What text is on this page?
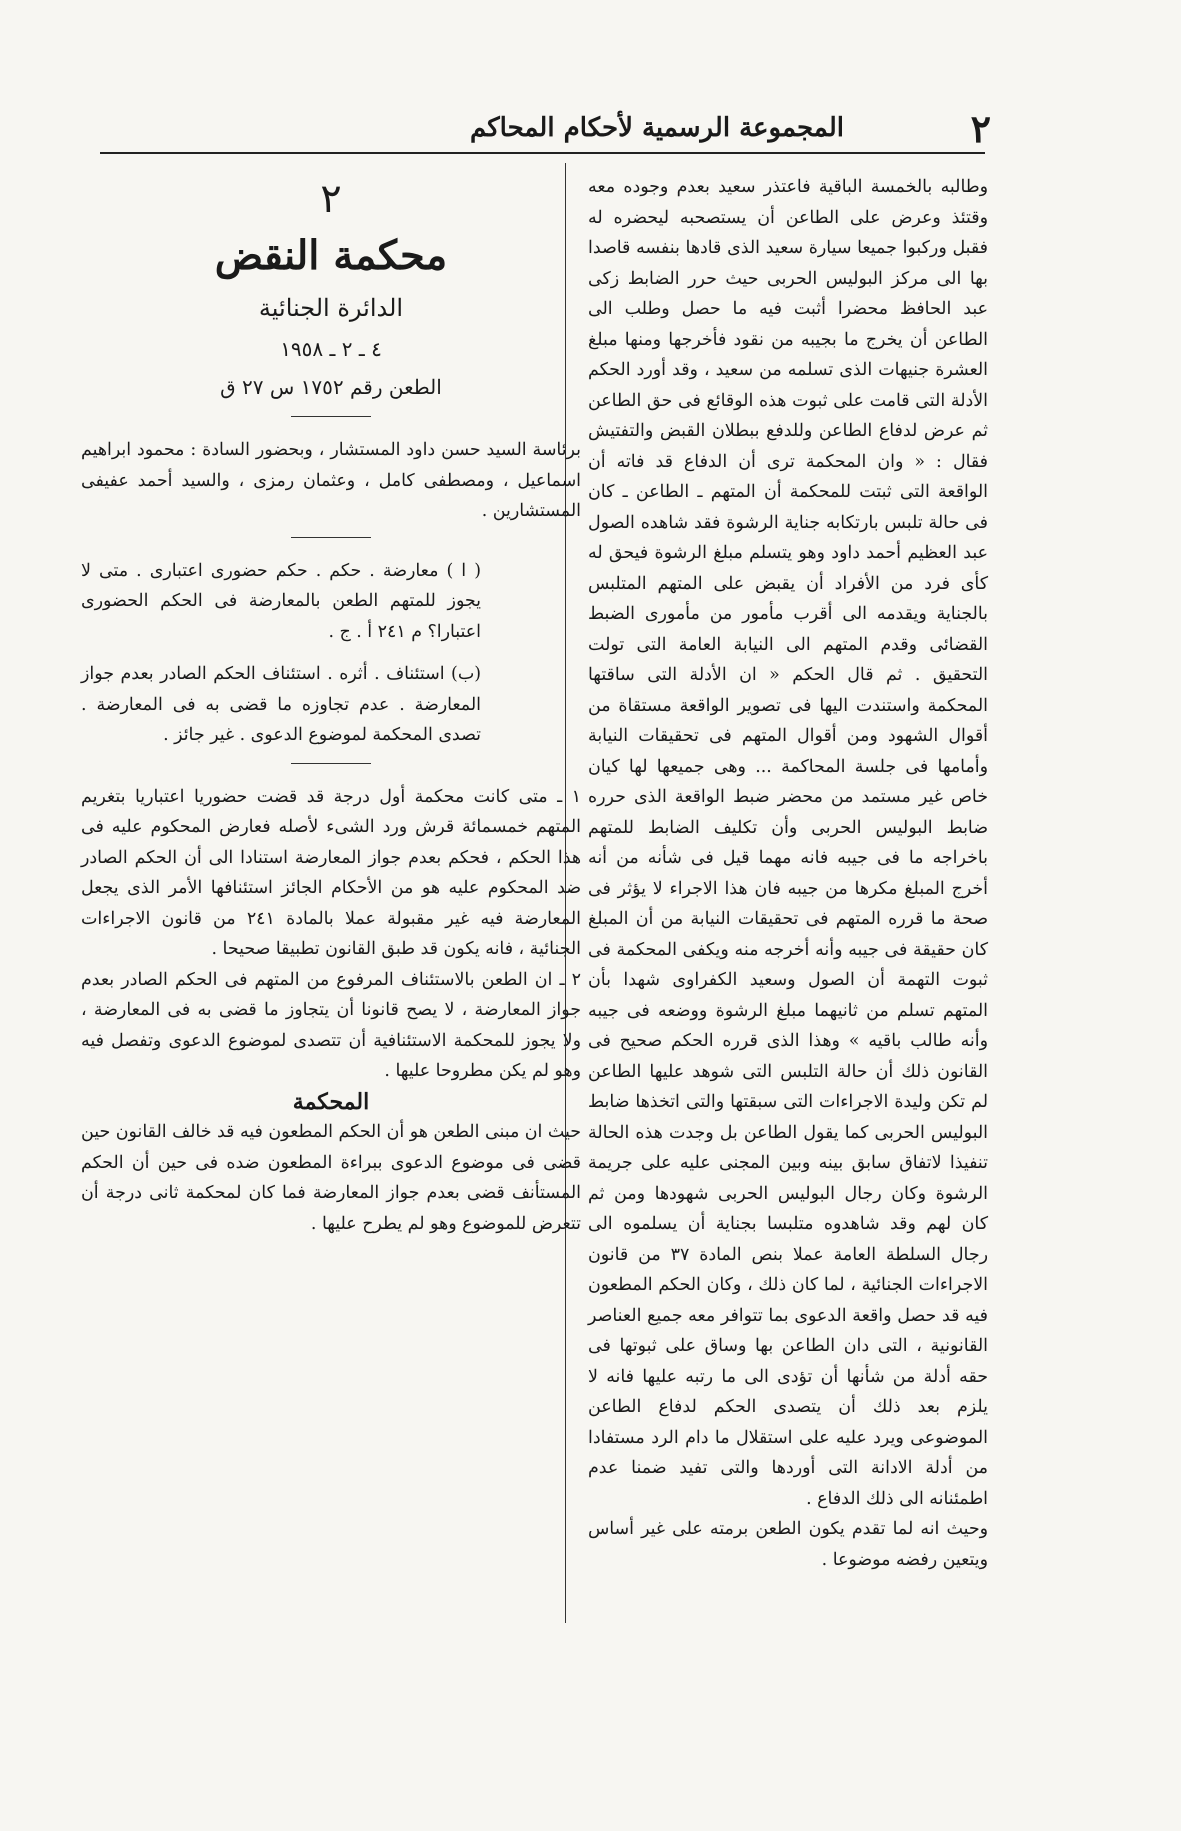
٢
المجموعة الرسمية لأحكام المحاكم

وطالبه بالخمسة الباقية فاعتذر سعيد بعدم وجوده معه وقتئذ وعرض على الطاعن أن يستصحبه ليحضره له فقبل وركبوا جميعا سيارة سعيد الذى قادها بنفسه قاصدا بها الى مركز البوليس الحربى حيث حرر الضابط زكى عبد الحافظ محضرا أثبت فيه ما حصل وطلب الى الطاعن أن يخرج ما بجيبه من نقود فأخرجها ومنها مبلغ العشرة جنيهات الذى تسلمه من سعيد ، وقد أورد الحكم الأدلة التى قامت على ثبوت هذه الوقائع فى حق الطاعن ثم عرض لدفاع الطاعن وللدفع ببطلان القبض والتفتيش فقال : « وان المحكمة ترى أن الدفاع قد فاته أن الواقعة التى ثبتت للمحكمة أن المتهم ـ الطاعن ـ كان فى حالة تلبس بارتكابه جناية الرشوة فقد شاهده الصول عبد العظيم أحمد داود وهو يتسلم مبلغ الرشوة فيحق له كأى فرد من الأفراد أن يقبض على المتهم المتلبس بالجناية ويقدمه الى أقرب مأمور من مأمورى الضبط القضائى وقدم المتهم الى النيابة العامة التى تولت التحقيق . ثم قال الحكم « ان الأدلة التى ساقتها المحكمة واستندت اليها فى تصوير الواقعة مستقاة من أقوال الشهود ومن أقوال المتهم فى تحقيقات النيابة وأمامها فى جلسة المحاكمة ... وهى جميعها لها كيان خاص غير مستمد من محضر ضبط الواقعة الذى حرره ضابط البوليس الحربى وأن تكليف الضابط للمتهم باخراجه ما فى جيبه فانه مهما قيل فى شأنه من أنه أخرج المبلغ مكرها من جيبه فان هذا الاجراء لا يؤثر فى صحة ما قرره المتهم فى تحقيقات النيابة من أن المبلغ كان حقيقة فى جيبه وأنه أخرجه منه ويكفى المحكمة فى ثبوت التهمة أن الصول وسعيد الكفراوى شهدا بأن المتهم تسلم من ثانيهما مبلغ الرشوة ووضعه فى جيبه وأنه طالب باقيه » وهذا الذى قرره الحكم صحيح فى القانون ذلك أن حالة التلبس التى شوهد عليها الطاعن لم تكن وليدة الاجراءات التى سبقتها والتى اتخذها ضابط البوليس الحربى كما يقول الطاعن بل وجدت هذه الحالة تنفيذا لاتفاق سابق بينه وبين المجنى عليه على جريمة الرشوة وكان رجال البوليس الحربى شهودها ومن ثم كان لهم وقد شاهدوه متلبسا بجناية أن يسلموه الى رجال السلطة العامة عملا بنص المادة ٣٧ من قانون الاجراءات الجنائية ، لما كان ذلك ، وكان الحكم المطعون فيه قد حصل واقعة الدعوى بما تتوافر معه جميع العناصر القانونية ، التى دان الطاعن بها وساق على ثبوتها فى حقه أدلة من شأنها أن تؤدى الى ما رتبه عليها فانه لا يلزم بعد ذلك أن يتصدى الحكم لدفاع الطاعن الموضوعى ويرد عليه على استقلال ما دام الرد مستفادا من أدلة الادانة التى أوردها والتى تفيد ضمنا عدم اطمئنانه الى ذلك الدفاع .

وحيث انه لما تقدم يكون الطعن برمته على غير أساس ويتعين رفضه موضوعا .

٢

محكمة النقض

الدائرة الجنائية

٤ ـ ٢ ـ ١٩٥٨

الطعن رقم ١٧٥٢ س ٢٧ ق

برئاسة السيد حسن داود المستشار ، وبحضور السادة : محمود ابراهيم اسماعيل ، ومصطفى كامل ، وعثمان رمزى ، والسيد أحمد عفيفى المستشارين .

( ا ) معارضة . حكم . حكم حضورى اعتبارى . متى لا يجوز للمتهم الطعن بالمعارضة فى الحكم الحضورى اعتبارا؟ م ٢٤١ أ . ج .

(ب) استئناف . أثره . استئناف الحكم الصادر بعدم جواز المعارضة . عدم تجاوزه ما قضى به فى المعارضة . تصدى المحكمة لموضوع الدعوى . غير جائز .

١ ـ متى كانت محكمة أول درجة قد قضت حضوريا اعتباريا بتغريم المتهم خمسمائة قرش ورد الشىء لأصله فعارض المحكوم عليه فى هذا الحكم ، فحكم بعدم جواز المعارضة استنادا الى أن الحكم الصادر ضد المحكوم عليه هو من الأحكام الجائز استئنافها الأمر الذى يجعل المعارضة فيه غير مقبولة عملا بالمادة ٢٤١ من قانون الاجراءات الجنائية ، فانه يكون قد طبق القانون تطبيقا صحيحا .

٢ ـ ان الطعن بالاستئناف المرفوع من المتهم فى الحكم الصادر بعدم جواز المعارضة ، لا يصح قانونا أن يتجاوز ما قضى به فى المعارضة ، ولا يجوز للمحكمة الاستئنافية أن تتصدى لموضوع الدعوى وتفصل فيه وهو لم يكن مطروحا عليها .

المحكمة

حيث ان مبنى الطعن هو أن الحكم المطعون فيه قد خالف القانون حين قضى فى موضوع الدعوى ببراءة المطعون ضده فى حين أن الحكم المستأنف قضى بعدم جواز المعارضة فما كان لمحكمة ثانى درجة أن تتعرض للموضوع وهو لم يطرح عليها .
